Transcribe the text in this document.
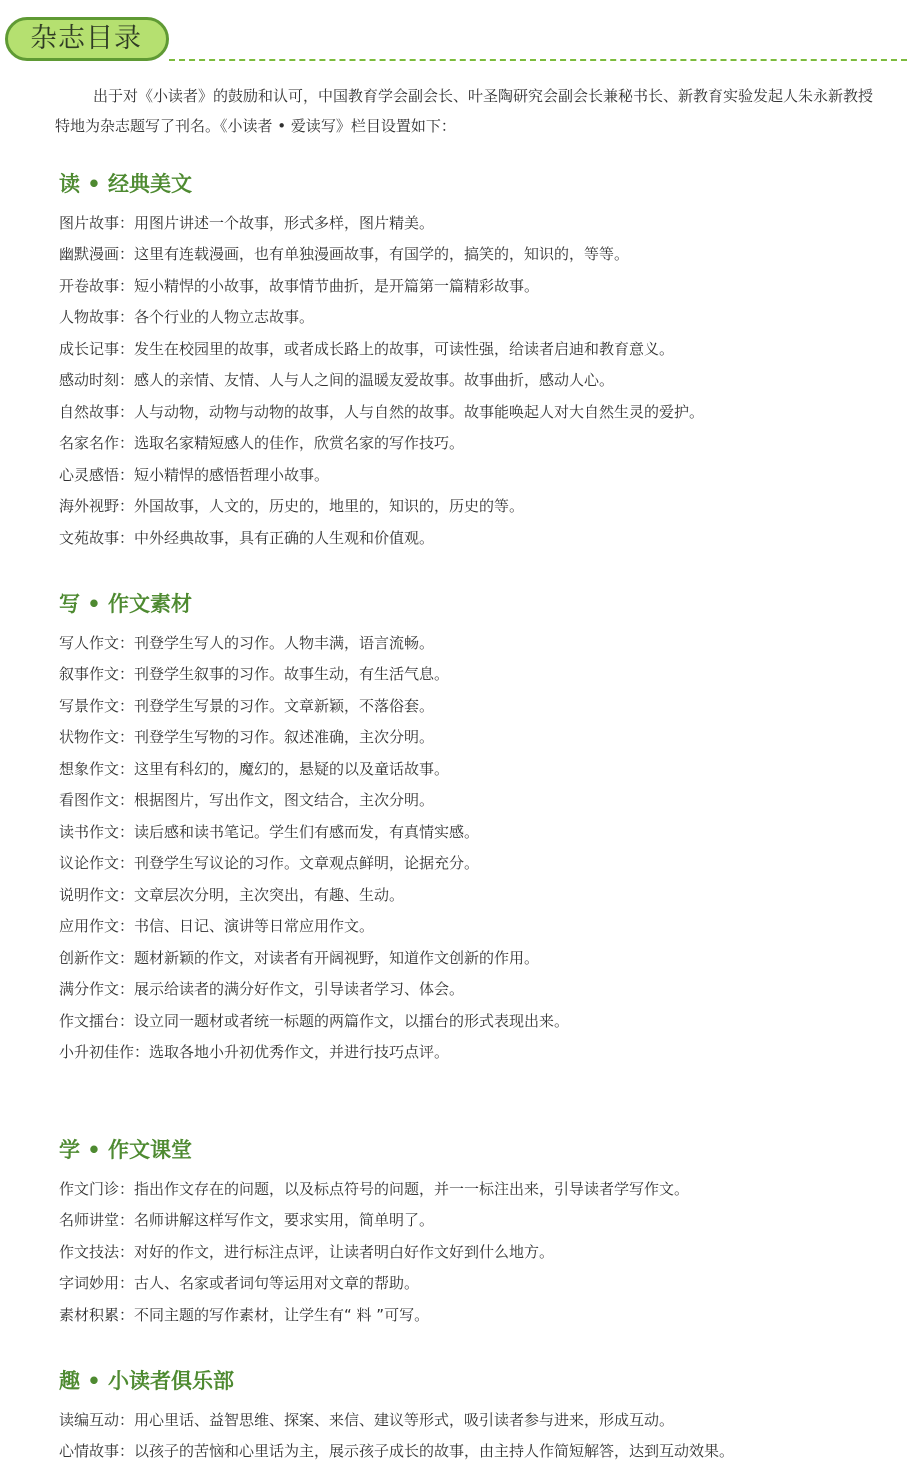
杂志目录

出于对《小读者》的鼓励和认可，中国教育学会副会长、叶圣陶研究会副会长兼秘书长、新教育实验发起人朱永新教授特地为杂志题写了刊名。《小读者 • 爱读写》栏目设置如下：

读 • 经典美文
图片故事：用图片讲述一个故事，形式多样，图片精美。
幽默漫画：这里有连载漫画，也有单独漫画故事，有国学的，搞笑的，知识的，等等。
开卷故事：短小精悍的小故事，故事情节曲折，是开篇第一篇精彩故事。
人物故事：各个行业的人物立志故事。
成长记事：发生在校园里的故事，或者成长路上的故事，可读性强，给读者启迪和教育意义。
感动时刻：感人的亲情、友情、人与人之间的温暖友爱故事。故事曲折，感动人心。
自然故事：人与动物，动物与动物的故事，人与自然的故事。故事能唤起人对大自然生灵的爱护。
名家名作：选取名家精短感人的佳作，欣赏名家的写作技巧。
心灵感悟：短小精悍的感悟哲理小故事。
海外视野：外国故事，人文的，历史的，地里的，知识的，历史的等。
文苑故事：中外经典故事，具有正确的人生观和价值观。
写 • 作文素材
写人作文：刊登学生写人的习作。人物丰满，语言流畅。
叙事作文：刊登学生叙事的习作。故事生动，有生活气息。
写景作文：刊登学生写景的习作。文章新颖，不落俗套。
状物作文：刊登学生写物的习作。叙述准确，主次分明。
想象作文：这里有科幻的，魔幻的，悬疑的以及童话故事。
看图作文：根据图片，写出作文，图文结合，主次分明。
读书作文：读后感和读书笔记。学生们有感而发，有真情实感。
议论作文：刊登学生写议论的习作。文章观点鲜明，论据充分。
说明作文：文章层次分明，主次突出，有趣、生动。
应用作文：书信、日记、演讲等日常应用作文。
创新作文：题材新颖的作文，对读者有开阔视野，知道作文创新的作用。
满分作文：展示给读者的满分好作文，引导读者学习、体会。
作文擂台：设立同一题材或者统一标题的两篇作文，以擂台的形式表现出来。
小升初佳作：选取各地小升初优秀作文，并进行技巧点评。
学 • 作文课堂
作文门诊：指出作文存在的问题，以及标点符号的问题，并一一标注出来，引导读者学写作文。
名师讲堂：名师讲解这样写作文，要求实用，简单明了。
作文技法：对好的作文，进行标注点评，让读者明白好作文好到什么地方。
字词妙用：古人、名家或者词句等运用对文章的帮助。
素材积累：不同主题的写作素材，让学生有“ 料 ”可写。
趣 • 小读者俱乐部
读编互动：用心里话、益智思维、探案、来信、建议等形式，吸引读者参与进来，形成互动。
心情故事：以孩子的苦恼和心里话为主，展示孩子成长的故事，由主持人作简短解答，达到互动效果。
